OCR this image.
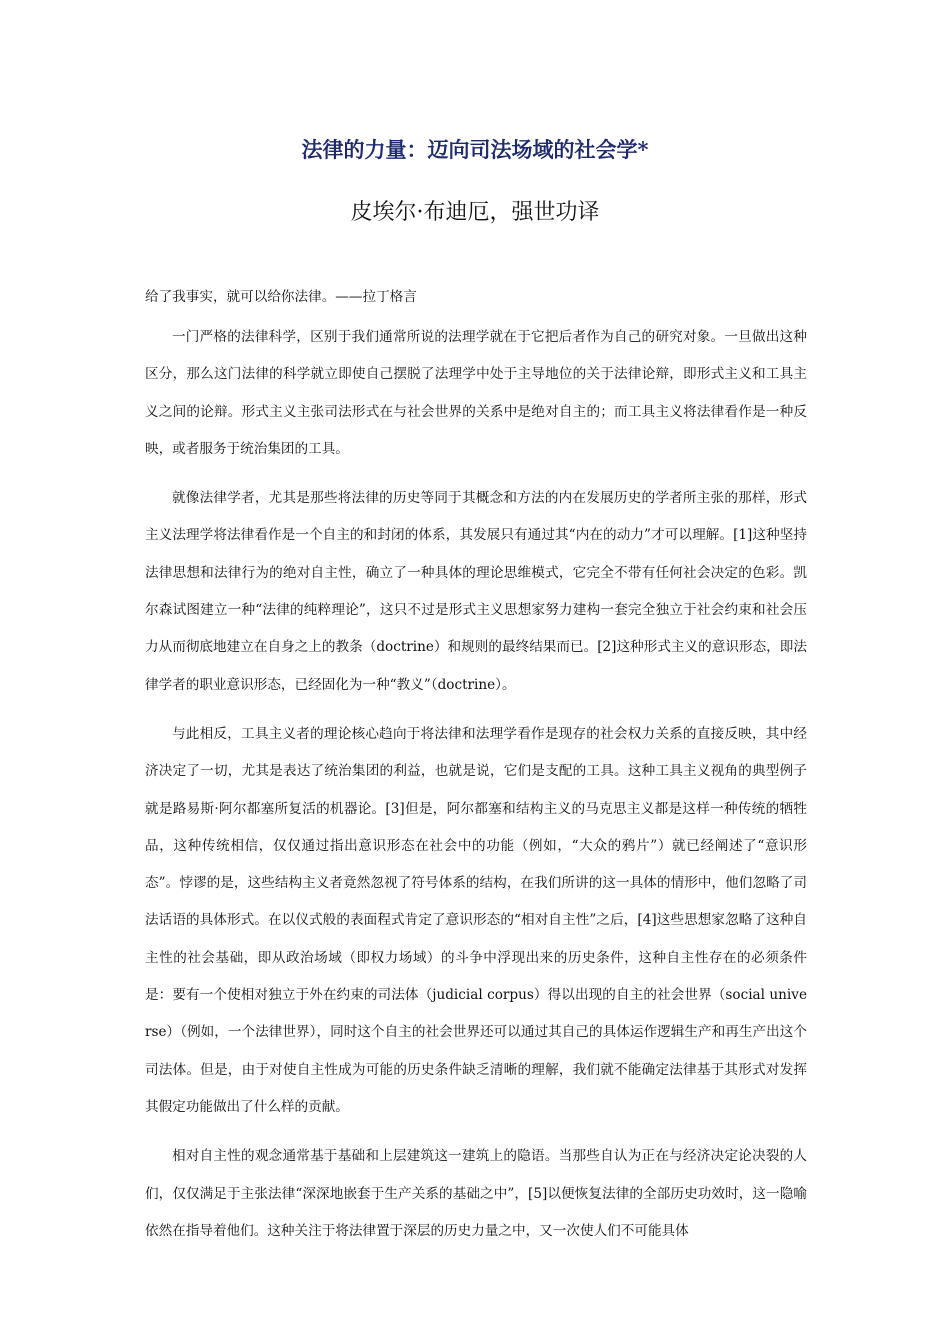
法律的力量：迈向司法场域的社会学*
皮埃尔·布迪厄，强世功译

给了我事实，就可以给你法律。——拉丁格言

一门严格的法律科学，区别于我们通常所说的法理学就在于它把后者作为自己的研究对象。一旦做出这种区分，那么这门法律的科学就立即使自己摆脱了法理学中处于主导地位的关于法律论辩，即形式主义和工具主义之间的论辩。形式主义主张司法形式在与社会世界的关系中是绝对自主的；而工具主义将法律看作是一种反映，或者服务于统治集团的工具。

就像法律学者，尤其是那些将法律的历史等同于其概念和方法的内在发展历史的学者所主张的那样，形式主义法理学将法律看作是一个自主的和封闭的体系，其发展只有通过其“内在的动力”才可以理解。[1]这种坚持法律思想和法律行为的绝对自主性，确立了一种具体的理论思维模式，它完全不带有任何社会决定的色彩。凯尔森试图建立一种“法律的纯粹理论”，这只不过是形式主义思想家努力建构一套完全独立于社会约束和社会压力从而彻底地建立在自身之上的教条（doctrine）和规则的最终结果而已。[2]这种形式主义的意识形态，即法律学者的职业意识形态，已经固化为一种“教义”（doctrine）。

与此相反，工具主义者的理论核心趋向于将法律和法理学看作是现存的社会权力关系的直接反映，其中经济决定了一切，尤其是表达了统治集团的利益，也就是说，它们是支配的工具。这种工具主义视角的典型例子就是路易斯·阿尔都塞所复活的机器论。[3]但是，阿尔都塞和结构主义的马克思主义都是这样一种传统的牺牲品，这种传统相信，仅仅通过指出意识形态在社会中的功能（例如，“大众的鸦片”）就已经阐述了“意识形态”。悖谬的是，这些结构主义者竟然忽视了符号体系的结构，在我们所讲的这一具体的情形中，他们忽略了司法话语的具体形式。在以仪式般的表面程式肯定了意识形态的“相对自主性”之后，[4]这些思想家忽略了这种自主性的社会基础，即从政治场域（即权力场域）的斗争中浮现出来的历史条件，这种自主性存在的必须条件是：要有一个使相对独立于外在约束的司法体（judicial corpus）得以出现的自主的社会世界（social universe）（例如，一个法律世界），同时这个自主的社会世界还可以通过其自己的具体运作逻辑生产和再生产出这个司法体。但是，由于对使自主性成为可能的历史条件缺乏清晰的理解，我们就不能确定法律基于其形式对发挥其假定功能做出了什么样的贡献。

相对自主性的观念通常基于基础和上层建筑这一建筑上的隐语。当那些自认为正在与经济决定论决裂的人们，仅仅满足于主张法律“深深地嵌套于生产关系的基础之中”，[5]以便恢复法律的全部历史功效时，这一隐喻依然在指导着他们。这种关注于将法律置于深层的历史力量之中，又一次使人们不可能具体
